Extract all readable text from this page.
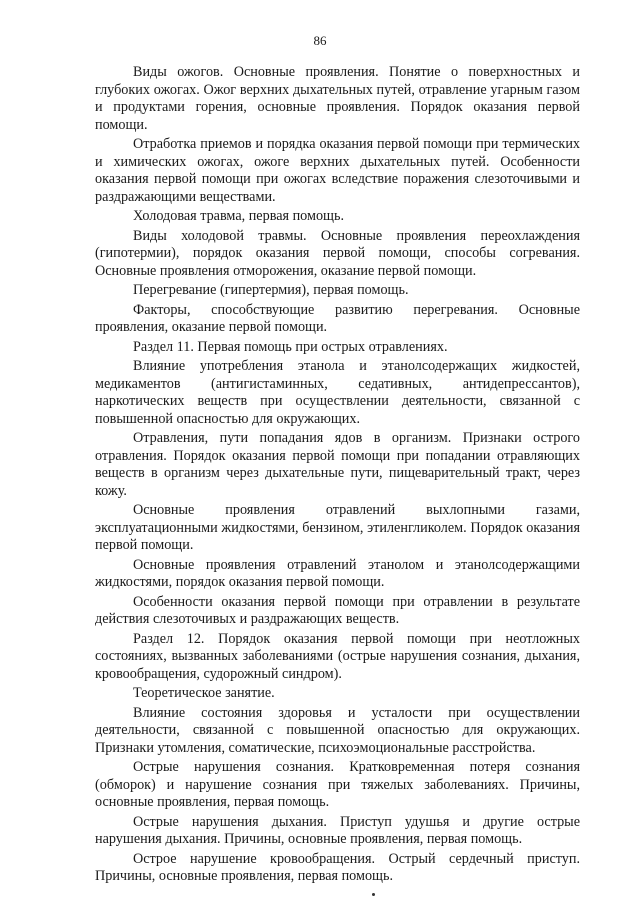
86

Виды ожогов. Основные проявления. Понятие о поверхностных и глубоких ожогах. Ожог верхних дыхательных путей, отравление угарным газом и продуктами горения, основные проявления. Порядок оказания первой помощи.

Отработка приемов и порядка оказания первой помощи при термических и химических ожогах, ожоге верхних дыхательных путей. Особенности оказания первой помощи при ожогах вследствие поражения слезоточивыми и раздражающими веществами.

Холодовая травма, первая помощь.

Виды холодовой травмы. Основные проявления переохлаждения (гипотермии), порядок оказания первой помощи, способы согревания. Основные проявления отморожения, оказание первой помощи.

Перегревание (гипертермия), первая помощь.

Факторы, способствующие развитию перегревания. Основные проявления, оказание первой помощи.

Раздел 11. Первая помощь при острых отравлениях.

Влияние употребления этанола и этанолсодержащих жидкостей, медикаментов (антигистаминных, седативных, антидепрессантов), наркотических веществ при осуществлении деятельности, связанной с повышенной опасностью для окружающих.

Отравления, пути попадания ядов в организм. Признаки острого отравления. Порядок оказания первой помощи при попадании отравляющих веществ в организм через дыхательные пути, пищеварительный тракт, через кожу.

Основные проявления отравлений выхлопными газами, эксплуатационными жидкостями, бензином, этиленгликолем. Порядок оказания первой помощи.

Основные проявления отравлений этанолом и этанолсодержащими жидкостями, порядок оказания первой помощи.

Особенности оказания первой помощи при отравлении в результате действия слезоточивых и раздражающих веществ.

Раздел 12. Порядок оказания первой помощи при неотложных состояниях, вызванных заболеваниями (острые нарушения сознания, дыхания, кровообращения, судорожный синдром).

Теоретическое занятие.

Влияние состояния здоровья и усталости при осуществлении деятельности, связанной с повышенной опасностью для окружающих. Признаки утомления, соматические, психоэмоциональные расстройства.

Острые нарушения сознания. Кратковременная потеря сознания (обморок) и нарушение сознания при тяжелых заболеваниях. Причины, основные проявления, первая помощь.

Острые нарушения дыхания. Приступ удушья и другие острые нарушения дыхания. Причины, основные проявления, первая помощь.

Острое нарушение кровообращения. Острый сердечный приступ. Причины, основные проявления, первая помощь.
